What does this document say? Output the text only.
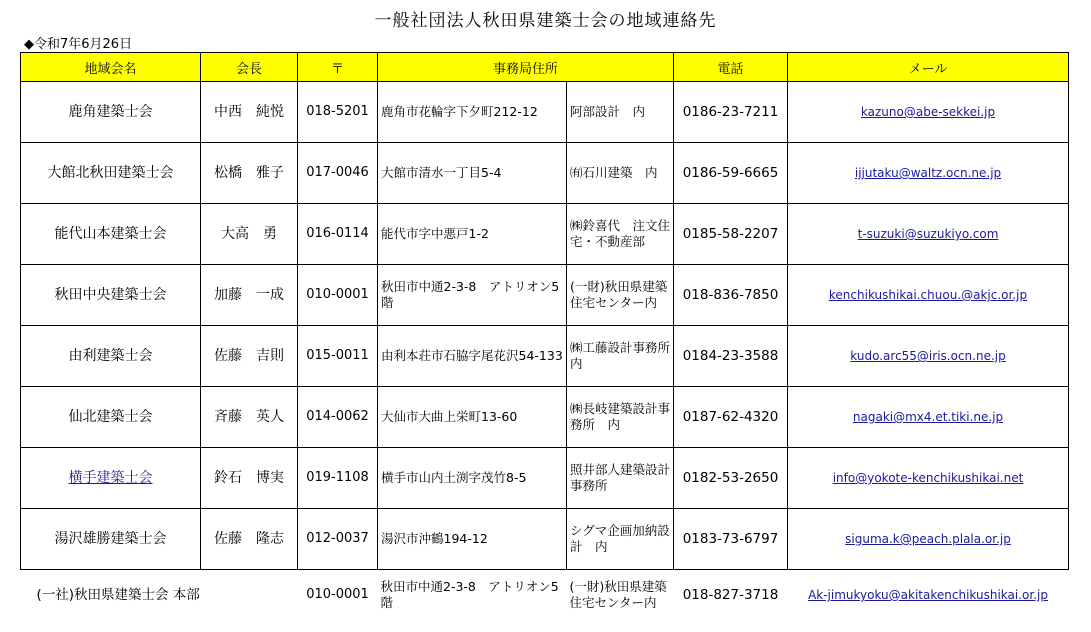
一般社団法人秋田県建築士会の地域連絡先
◆令和7年6月26日
地域会名	会長	〒	事務局住所		電話	メール
鹿角建築士会	中西　純悦	018-5201	鹿角市花輪字下夕町212-12	阿部設計　内	0186-23-7211	kazuno@abe-sekkei.jp
大館北秋田建築士会	松橋　雅子	017-0046	大館市清水一丁目5-4	㈲石川建築　内	0186-59-6665	ijjutaku@waltz.ocn.ne.jp
能代山本建築士会	大高　勇	016-0114	能代市字中悪戸1-2	㈱鈴喜代　注文住宅・不動産部	0185-58-2207	t-suzuki@suzukiyo.com
秋田中央建築士会	加藤　一成	010-0001	秋田市中通2-3-8　アトリオン5階	(一財)秋田県建築住宅センター内	018-836-7850	kenchikushikai.chuou.@akjc.or.jp
由利建築士会	佐藤　吉則	015-0011	由利本荘市石脇字尾花沢54-133	㈱工藤設計事務所　内	0184-23-3588	kudo.arc55@iris.ocn.ne.jp
仙北建築士会	斉藤　英人	014-0062	大仙市大曲上栄町13-60	㈱長岐建築設計事務所　内	0187-62-4320	nagaki@mx4.et.tiki.ne.jp
横手建築士会	鈴石　博実	019-1108	横手市山内土渕字茂竹8-5	照井部人建築設計事務所	0182-53-2650	info@yokote-kenchikushikai.net
湯沢雄勝建築士会	佐藤　隆志	012-0037	湯沢市沖鶴194-12	シグマ企画加納設計　内	0183-73-6797	siguma.k@peach.plala.or.jp
(一社)秋田県建築士会 本部		010-0001	秋田市中通2-3-8　アトリオン5階	(一財)秋田県建築住宅センター内	018-827-3718	Ak-jimukyoku@akitakenchikushikai.or.jp
